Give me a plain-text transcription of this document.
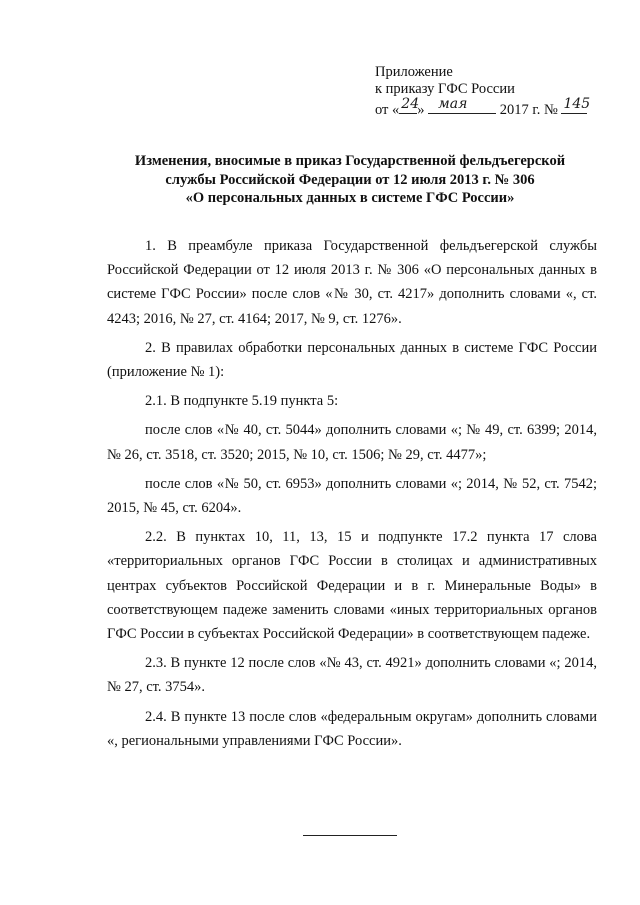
Приложение
к приказу ГФС России
от « 24
» мая 2017 г. № 145
Изменения, вносимые в приказ Государственной фельдъегерской
службы Российской Федерации от 12 июля 2013 г. № 306
«О персональных данных в системе ГФС России»

1. В преамбуле приказа Государственной фельдъегерской службы Российской Федерации от 12 июля 2013 г. № 306 «О персональных данных в системе ГФС России» после слов «№ 30, ст. 4217» дополнить словами «, ст. 4243; 2016, № 27, ст. 4164; 2017, № 9, ст. 1276».

2. В правилах обработки персональных данных в системе ГФС России (приложение № 1):

2.1. В подпункте 5.19 пункта 5:

после слов «№ 40, ст. 5044» дополнить словами «; № 49, ст. 6399; 2014, № 26, ст. 3518, ст. 3520; 2015, № 10, ст. 1506; № 29, ст. 4477»;

после слов «№ 50, ст. 6953» дополнить словами «; 2014, № 52, ст. 7542; 2015, № 45, ст. 6204».

2.2. В пунктах 10, 11, 13, 15 и подпункте 17.2 пункта 17 слова «территориальных органов ГФС России в столицах и административных центрах субъектов Российской Федерации и в г. Минеральные Воды» в соответствующем падеже заменить словами «иных территориальных органов ГФС России в субъектах Российской Федерации» в соответствующем падеже.

2.3. В пункте 12 после слов «№ 43, ст. 4921» дополнить словами «; 2014, № 27, ст. 3754».

2.4. В пункте 13 после слов «федеральным округам» дополнить словами «, региональными управлениями ГФС России».
